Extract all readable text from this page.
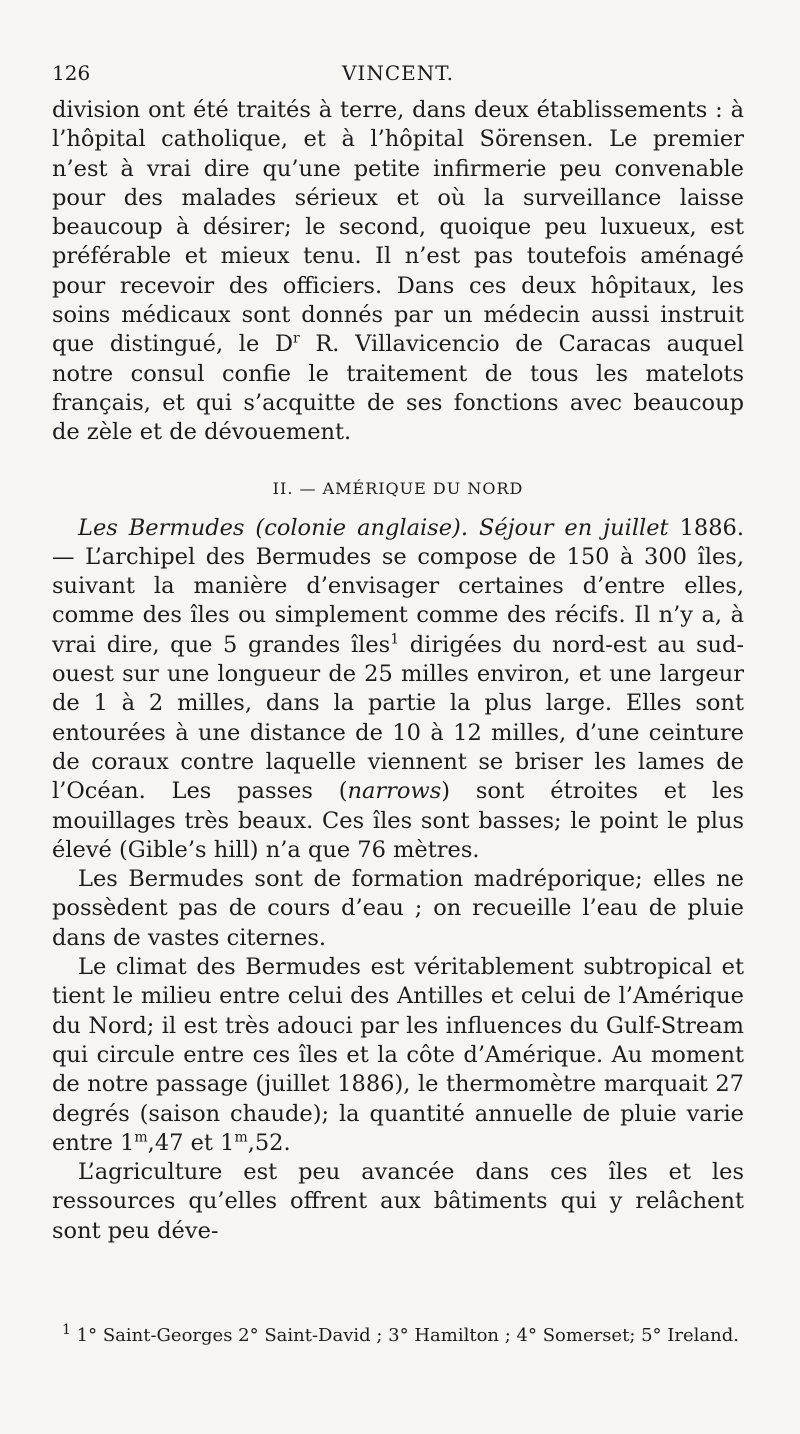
126	VINCENT.

division ont été traités à terre, dans deux établissements : à l’hôpital catholique, et à l’hôpital Sörensen. Le premier n’est à vrai dire qu’une petite infirmerie peu convenable pour des malades sérieux et où la surveillance laisse beaucoup à désirer; le second, quoique peu luxueux, est préférable et mieux tenu. Il n’est pas toutefois aménagé pour recevoir des officiers. Dans ces deux hôpitaux, les soins médicaux sont donnés par un médecin aussi instruit que distingué, le $D^r$ R. Villavicencio de Caracas auquel notre consul confie le traitement de tous les matelots français, et qui s’acquitte de ses fonctions avec beaucoup de zèle et de dévouement.

II. — AMÉRIQUE DU NORD

Les Bermudes (colonie anglaise). Séjour en juillet 1886. — L’archipel des Bermudes se compose de 150 à 300 îles, suivant la manière d’envisager certaines d’entre elles, comme des îles ou simplement comme des récifs. Il n’y a, à vrai dire, que 5 grandes îles$^1$ dirigées du nord-est au sud-ouest sur une longueur de 25 milles environ, et une largeur de 1 à 2 milles, dans la partie la plus large. Elles sont entourées à une distance de 10 à 12 milles, d’une ceinture de coraux contre laquelle viennent se briser les lames de l’Océan. Les passes (narrows) sont étroites et les mouillages très beaux. Ces îles sont basses; le point le plus élevé (Gible’s hill) n’a que 76 mètres.

Les Bermudes sont de formation madréporique; elles ne possèdent pas de cours d’eau ; on recueille l’eau de pluie dans de vastes citernes.

Le climat des Bermudes est véritablement subtropical et tient le milieu entre celui des Antilles et celui de l’Amérique du Nord; il est très adouci par les influences du Gulf-Stream qui circule entre ces îles et la côte d’Amérique. Au moment de notre passage (juillet 1886), le thermomètre marquait 27 degrés (saison chaude); la quantité annuelle de pluie varie entre 1$^m$,47 et 1$^m$,52.

L’agriculture est peu avancée dans ces îles et les ressources qu’elles offrent aux bâtiments qui y relâchent sont peu déve-

$^1$ 1° Saint-Georges 2° Saint-David ; 3° Hamilton ; 4° Somerset; 5° Ireland.
